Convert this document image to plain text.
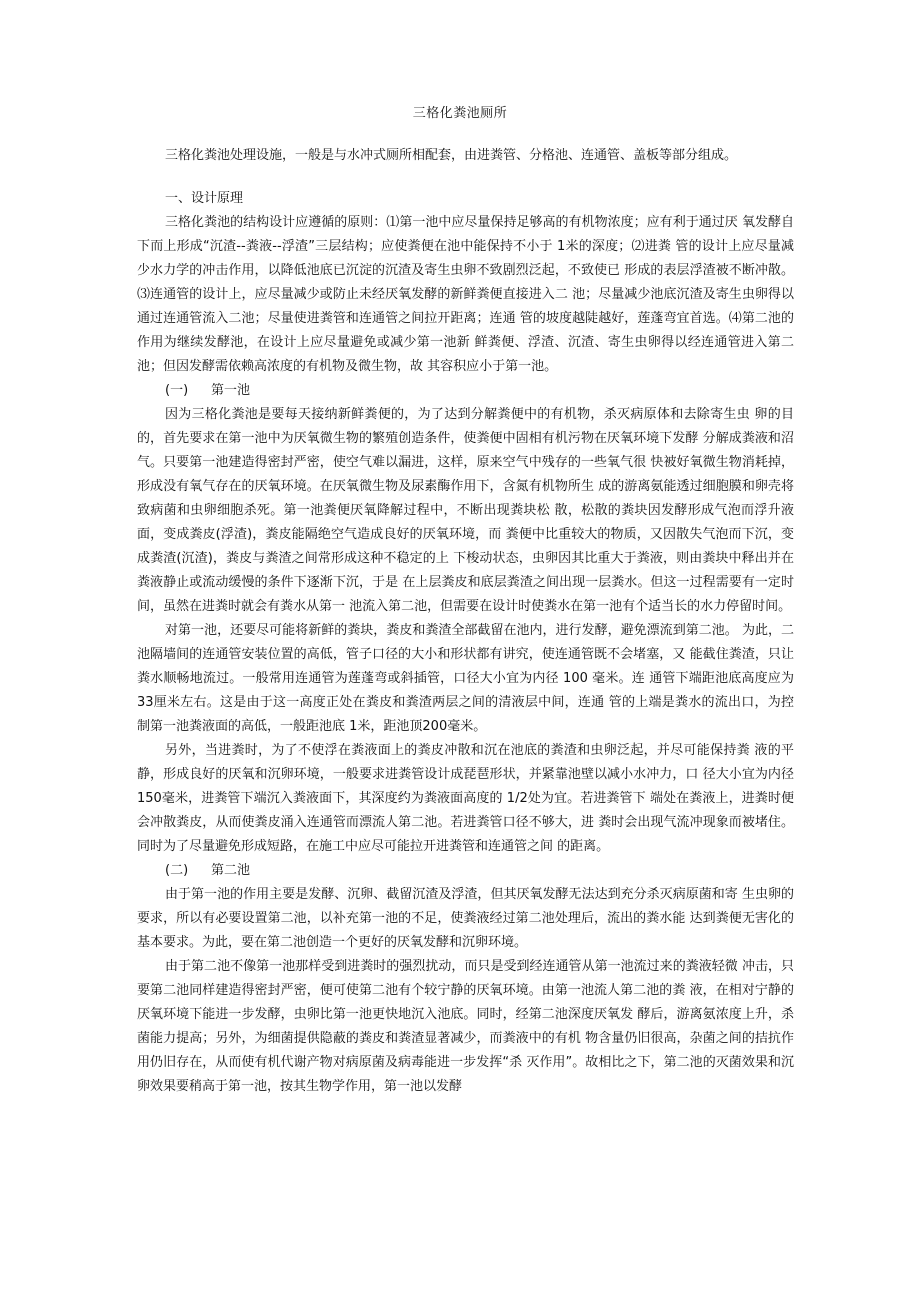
三格化粪池厕所
三格化粪池处理设施，一般是与水冲式厕所相配套，由进粪管、分格池、连通管、盖板等部分组成。

一、设计原理

三格化粪池的结构设计应遵循的原则：⑴第一池中应尽量保持足够高的有机物浓度；应有利于通过厌 氧发酵自下而上形成“沉渣--粪液--浮渣”三层结构；应使粪便在池中能保持不小于 1米的深度；⑵进粪 管的设计上应尽量减少水力学的冲击作用，以降低池底已沉淀的沉渣及寄生虫卵不致剧烈泛起，不致使已 形成的表层浮渣被不断冲散。⑶连通管的设计上，应尽量减少或防止未经厌氧发酵的新鲜粪便直接进入二 池；尽量减少池底沉渣及寄生虫卵得以通过连通管流入二池；尽量使进粪管和连通管之间拉开距离；连通 管的坡度越陡越好，莲蓬弯宜首选。⑷第二池的作用为继续发酵池，在设计上应尽量避免或减少第一池新 鲜粪便、浮渣、沉渣、寄生虫卵得以经连通管进入第二池；但因发酵需依赖高浓度的有机物及微生物，故 其容积应小于第一池。

(一) 第一池

因为三格化粪池是要每天接纳新鲜粪便的，为了达到分解粪便中的有机物，杀灭病原体和去除寄生虫 卵的目的，首先要求在第一池中为厌氧微生物的繁殖创造条件，使粪便中固相有机污物在厌氧环境下发酵 分解成粪液和沼气。只要第一池建造得密封严密，使空气难以漏进，这样，原来空气中残存的一些氧气很 快被好氧微生物消耗掉，形成没有氧气存在的厌氧环境。在厌氧微生物及尿素酶作用下，含氮有机物所生 成的游离氨能透过细胞膜和卵壳将致病菌和虫卵细胞杀死。第一池粪便厌氧降解过程中，不断出现粪块松 散，松散的粪块因发酵形成气泡而浮升液面，变成粪皮(浮渣)，粪皮能隔绝空气造成良好的厌氧环境，而 粪便中比重较大的物质，又因散失气泡而下沉，变成粪渣(沉渣)，粪皮与粪渣之间常形成这种不稳定的上 下梭动状态，虫卵因其比重大于粪液，则由粪块中释出并在粪液静止或流动缓慢的条件下逐渐下沉，于是 在上层粪皮和底层粪渣之间出现一层粪水。但这一过程需要有一定时间，虽然在进粪时就会有粪水从第一 池流入第二池，但需要在设计时使粪水在第一池有个适当长的水力停留时间。

对第一池，还要尽可能将新鲜的粪块，粪皮和粪渣全部截留在池内，进行发酵，避免漂流到第二池。 为此，二池隔墙间的连通管安装位置的高低，管子口径的大小和形状都有讲究，使连通管既不会堵塞，又 能截住粪渣，只让粪水顺畅地流过。一般常用连通管为莲蓬弯或斜插管，口径大小宜为内径 100 毫米。连 通管下端距池底高度应为 33厘米左右。这是由于这一高度正处在粪皮和粪渣两层之间的清液层中间，连通 管的上端是粪水的流出口，为控制第一池粪液面的高低，一般距池底 1米，距池顶200毫米。

另外，当进粪时，为了不使浮在粪液面上的粪皮冲散和沉在池底的粪渣和虫卵泛起，并尽可能保持粪 液的平静，形成良好的厌氧和沉卵环境，一般要求进粪管设计成琵琶形状，并紧靠池壁以减小水冲力，口 径大小宜为内径 150毫米，进粪管下端沉入粪液面下，其深度约为粪液面高度的 1/2处为宜。若进粪管下 端处在粪液上，进粪时便会冲散粪皮，从而使粪皮涌入连通管而漂流人第二池。若进粪管口径不够大，进 粪时会出现气流冲现象而被堵住。同时为了尽量避免形成短路，在施工中应尽可能拉开进粪管和连通管之间 的距离。

(二) 第二池

由于第一池的作用主要是发酵、沉卵、截留沉渣及浮渣，但其厌氧发酵无法达到充分杀灭病原菌和寄 生虫卵的要求，所以有必要设置第二池，以补充第一池的不足，使粪液经过第二池处理后，流出的粪水能 达到粪便无害化的基本要求。为此，要在第二池创造一个更好的厌氧发酵和沉卵环境。

由于第二池不像第一池那样受到进粪时的强烈扰动，而只是受到经连通管从第一池流过来的粪液轻微 冲击，只要第二池同样建造得密封严密，便可使第二池有个较宁静的厌氧环境。由第一池流人第二池的粪 液，在相对宁静的厌氧环境下能进一步发酵，虫卵比第一池更快地沉入池底。同时，经第二池深度厌氧发 酵后，游离氨浓度上升，杀菌能力提高；另外，为细菌提供隐蔽的粪皮和粪渣显著减少，而粪液中的有机 物含量仍旧很高，杂菌之间的拮抗作用仍旧存在，从而使有机代谢产物对病原菌及病毒能进一步发挥“杀 灭作用”。故相比之下，第二池的灭菌效果和沉卵效果要稍高于第一池，按其生物学作用，第一池以发酵
